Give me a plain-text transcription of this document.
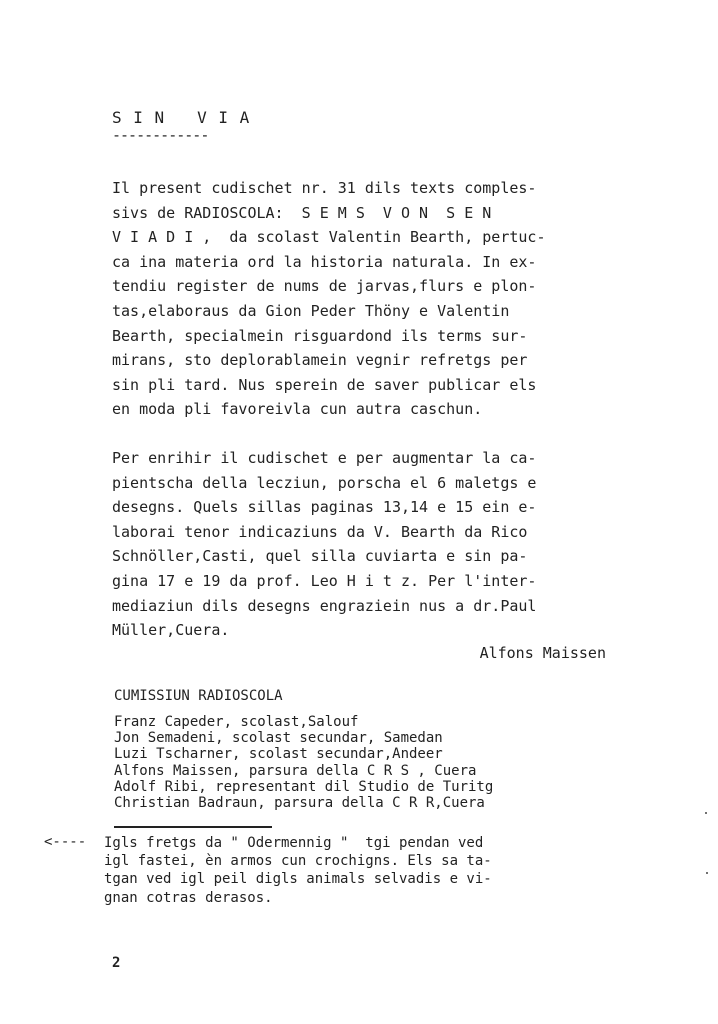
S I N   V I A
------------
Il present cudischet nr. 31 dils texts comples-
sivs de RADIOSCOLA:  S E M S  V O N  S E N
V I A D I ,  da scolast Valentin Bearth, pertuc-
ca ina materia ord la historia naturala. In ex-
tendiu register de nums de jarvas,flurs e plon-
tas,elaboraus da Gion Peder Thöny e Valentin
Bearth, specialmein risguardond ils terms sur-
mirans, sto deplorablamein vegnir refretgs per
sin pli tard. Nus sperein de saver publicar els
en moda pli favoreivla cun autra caschun.
Per enrihir il cudischet e per augmentar la ca-
pientscha della lecziun, porscha el 6 maletgs e
desegns. Quels sillas paginas 13,14 e 15 ein e-
laborai tenor indicaziuns da V. Bearth da Rico
Schnöller,Casti, quel silla cuviarta e sin pa-
gina 17 e 19 da prof. Leo H i t z. Per l'inter-
mediaziun dils desegns engraziein nus a dr.Paul
Müller,Cuera.
Alfons Maissen
CUMISSIUN RADIOSCOLA
Franz Capeder, scolast,Salouf
Jon Semadeni, scolast secundar, Samedan
Luzi Tscharner, scolast secundar,Andeer
Alfons Maissen, parsura della C R S , Cuera
Adolf Ribi, representant dil Studio de Turitg
Christian Badraun, parsura della C R R,Cuera
<---- Igls fretgs da " Odermennig "  tgi pendan ved
igl fastei, èn armos cun crochigns. Els sa ta-
tgan ved igl peil digls animals selvadis e vi-
gnan cotras derasos.
2
